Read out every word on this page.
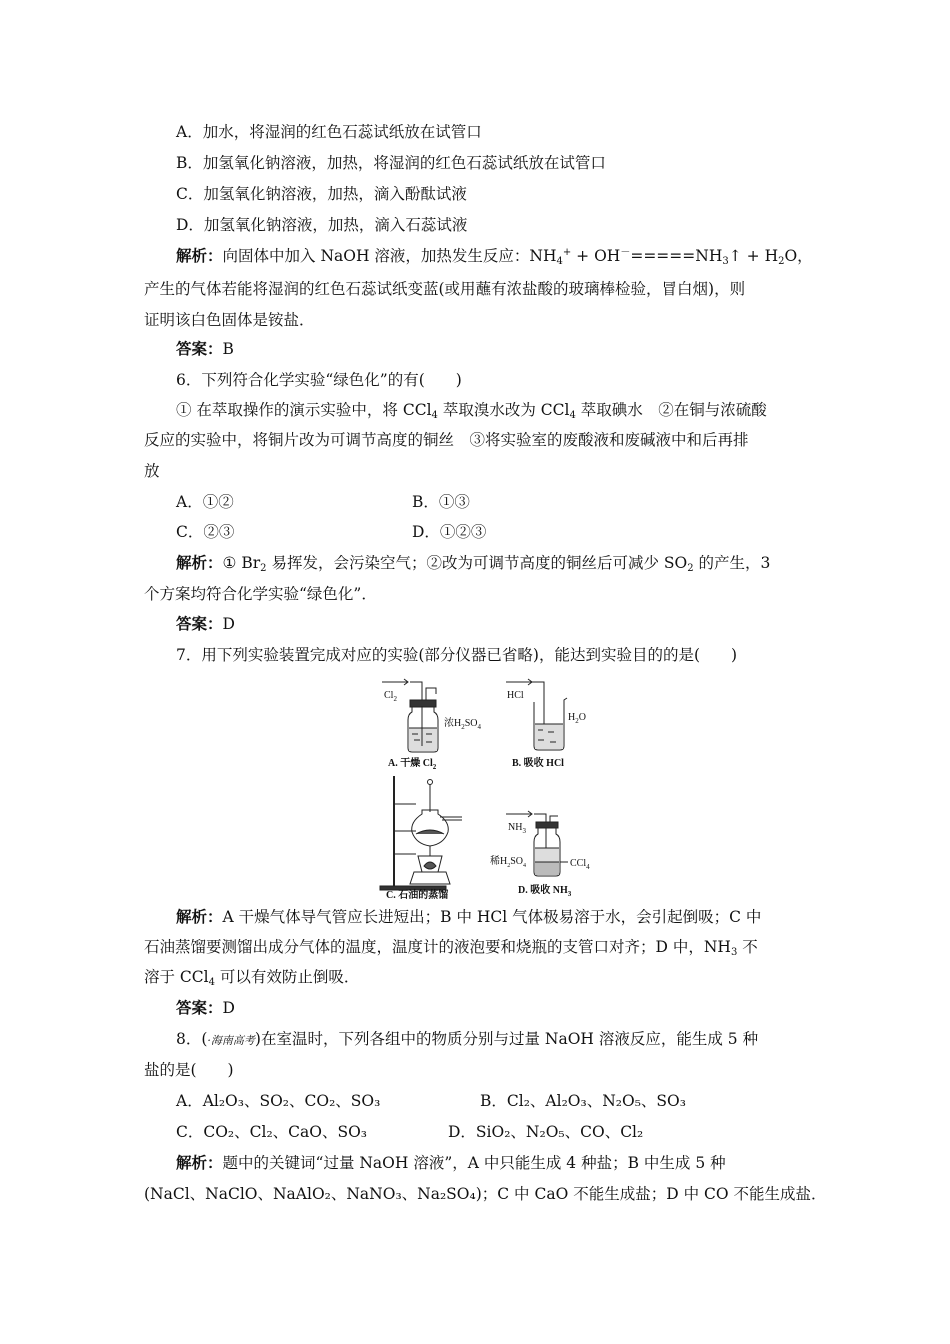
A．加水，将湿润的红色石蕊试纸放在试管口
B．加氢氧化钠溶液，加热，将湿润的红色石蕊试纸放在试管口
C．加氢氧化钠溶液，加热，滴入酚酞试液
D．加氢氧化钠溶液，加热，滴入石蕊试液
解析：向固体中加入 NaOH 溶液，加热发生反应：$NH_4^+$ + $OH^-=====NH_3↑ + H_2O$，
产生的气体若能将湿润的红色石蕊试纸变蓝(或用蘸有浓盐酸的玻璃棒检验，冒白烟)，则
证明该白色固体是铵盐．
答案：B
6．下列符合化学实验“绿色化”的有(　　)
① 在萃取操作的演示实验中，将 CCl$_4$ 萃取溴水改为 CCl$_4$ 萃取碘水　②在铜与浓硫酸
反应的实验中，将铜片改为可调节高度的铜丝　③将实验室的废酸液和废碱液中和后再排
放
A．①②	B．①③
C．②③	D．①②③
解析：① $Br_2$ 易挥发，会污染空气；②改为可调节高度的铜丝后可减少 $SO_2$ 的产生，3
个方案均符合化学实验“绿色化”．
答案：D
7．用下列实验装置完成对应的实验(部分仪器已省略)，能达到实验目的的是(　　)
$Cl_2$
浓$H_2SO_4$
A. 干燥 $Cl_2$
HCl
$H_2O$
B. 吸收 HCl
C. 石油的蒸馏
$NH_3$
稀$H_2SO_4$	CCl$_4$
D. 吸收 $NH_3$
解析：A 干燥气体导气管应长进短出；B 中 HCl 气体极易溶于水，会引起倒吸；C 中
石油蒸馏要测馏出成分气体的温度，温度计的液泡要和烧瓶的支管口对齐；D 中，$NH_3$ 不
溶于 CCl$_4$ 可以有效防止倒吸．
答案：D
8．(·海南高考)在室温时，下列各组中的物质分别与过量 NaOH 溶液反应，能生成 5 种
盐的是(　　)
A．Al₂O₃、SO₂、CO₂、SO₃	B．Cl₂、Al₂O₃、N₂O₅、SO₃
C．CO₂、Cl₂、CaO、SO₃	D．SiO₂、N₂O₅、CO、Cl₂
解析：题中的关键词“过量 NaOH 溶液”，A 中只能生成 4 种盐；B 中生成 5 种
(NaCl、NaClO、NaAlO₂、NaNO₃、Na₂SO₄)；C 中 CaO 不能生成盐；D 中 CO 不能生成盐．
